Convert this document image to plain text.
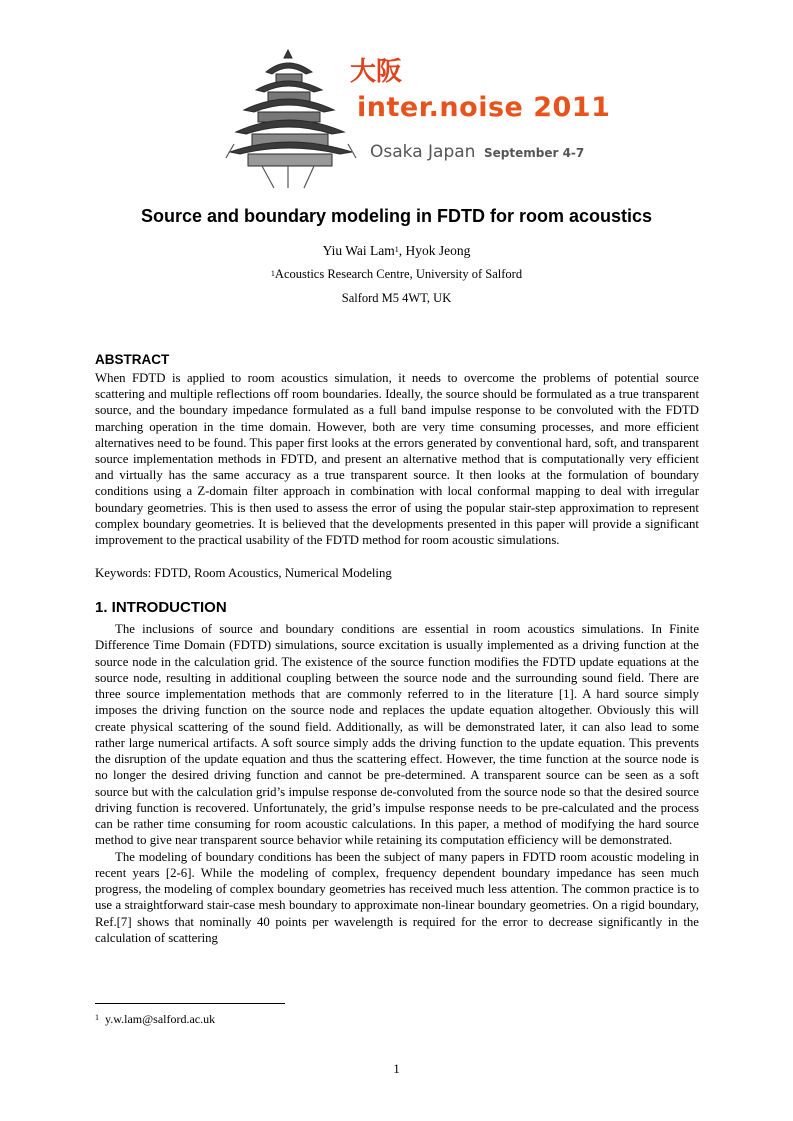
大阪
inter.noise 2011
Osaka Japan September 4-7
Source and boundary modeling in FDTD for room acoustics
Yiu Wai Lam$^1$, Hyok Jeong
$^1$Acoustics Research Centre, University of Salford
Salford M5 4WT, UK
ABSTRACT
When FDTD is applied to room acoustics simulation, it needs to overcome the problems of potential source scattering and multiple reflections off room boundaries. Ideally, the source should be formulated as a true transparent source, and the boundary impedance formulated as a full band impulse response to be convoluted with the FDTD marching operation in the time domain. However, both are very time consuming processes, and more efficient alternatives need to be found. This paper first looks at the errors generated by conventional hard, soft, and transparent source implementation methods in FDTD, and present an alternative method that is computationally very efficient and virtually has the same accuracy as a true transparent source. It then looks at the formulation of boundary conditions using a Z-domain filter approach in combination with local conformal mapping to deal with irregular boundary geometries. This is then used to assess the error of using the popular stair-step approximation to represent complex boundary geometries. It is believed that the developments presented in this paper will provide a significant improvement to the practical usability of the FDTD method for room acoustic simulations.
Keywords: FDTD, Room Acoustics, Numerical Modeling
1. INTRODUCTION

The inclusions of source and boundary conditions are essential in room acoustics simulations. In Finite Difference Time Domain (FDTD) simulations, source excitation is usually implemented as a driving function at the source node in the calculation grid. The existence of the source function modifies the FDTD update equations at the source node, resulting in additional coupling between the source node and the surrounding sound field. There are three source implementation methods that are commonly referred to in the literature [1]. A hard source simply imposes the driving function on the source node and replaces the update equation altogether. Obviously this will create physical scattering of the sound field. Additionally, as will be demonstrated later, it can also lead to some rather large numerical artifacts. A soft source simply adds the driving function to the update equation. This prevents the disruption of the update equation and thus the scattering effect. However, the time function at the source node is no longer the desired driving function and cannot be pre-determined. A transparent source can be seen as a soft source but with the calculation grid’s impulse response de-convoluted from the source node so that the desired source driving function is recovered. Unfortunately, the grid’s impulse response needs to be pre-calculated and the process can be rather time consuming for room acoustic calculations. In this paper, a method of modifying the hard source method to give near transparent source behavior while retaining its computation efficiency will be demonstrated.

The modeling of boundary conditions has been the subject of many papers in FDTD room acoustic modeling in recent years [2-6]. While the modeling of complex, frequency dependent boundary impedance has seen much progress, the modeling of complex boundary geometries has received much less attention. The common practice is to use a straightforward stair-case mesh boundary to approximate non-linear boundary geometries. On a rigid boundary, Ref.[7] shows that nominally 40 points per wavelength is required for the error to decrease significantly in the calculation of scattering

$^1$ y.w.lam@salford.ac.uk
1
